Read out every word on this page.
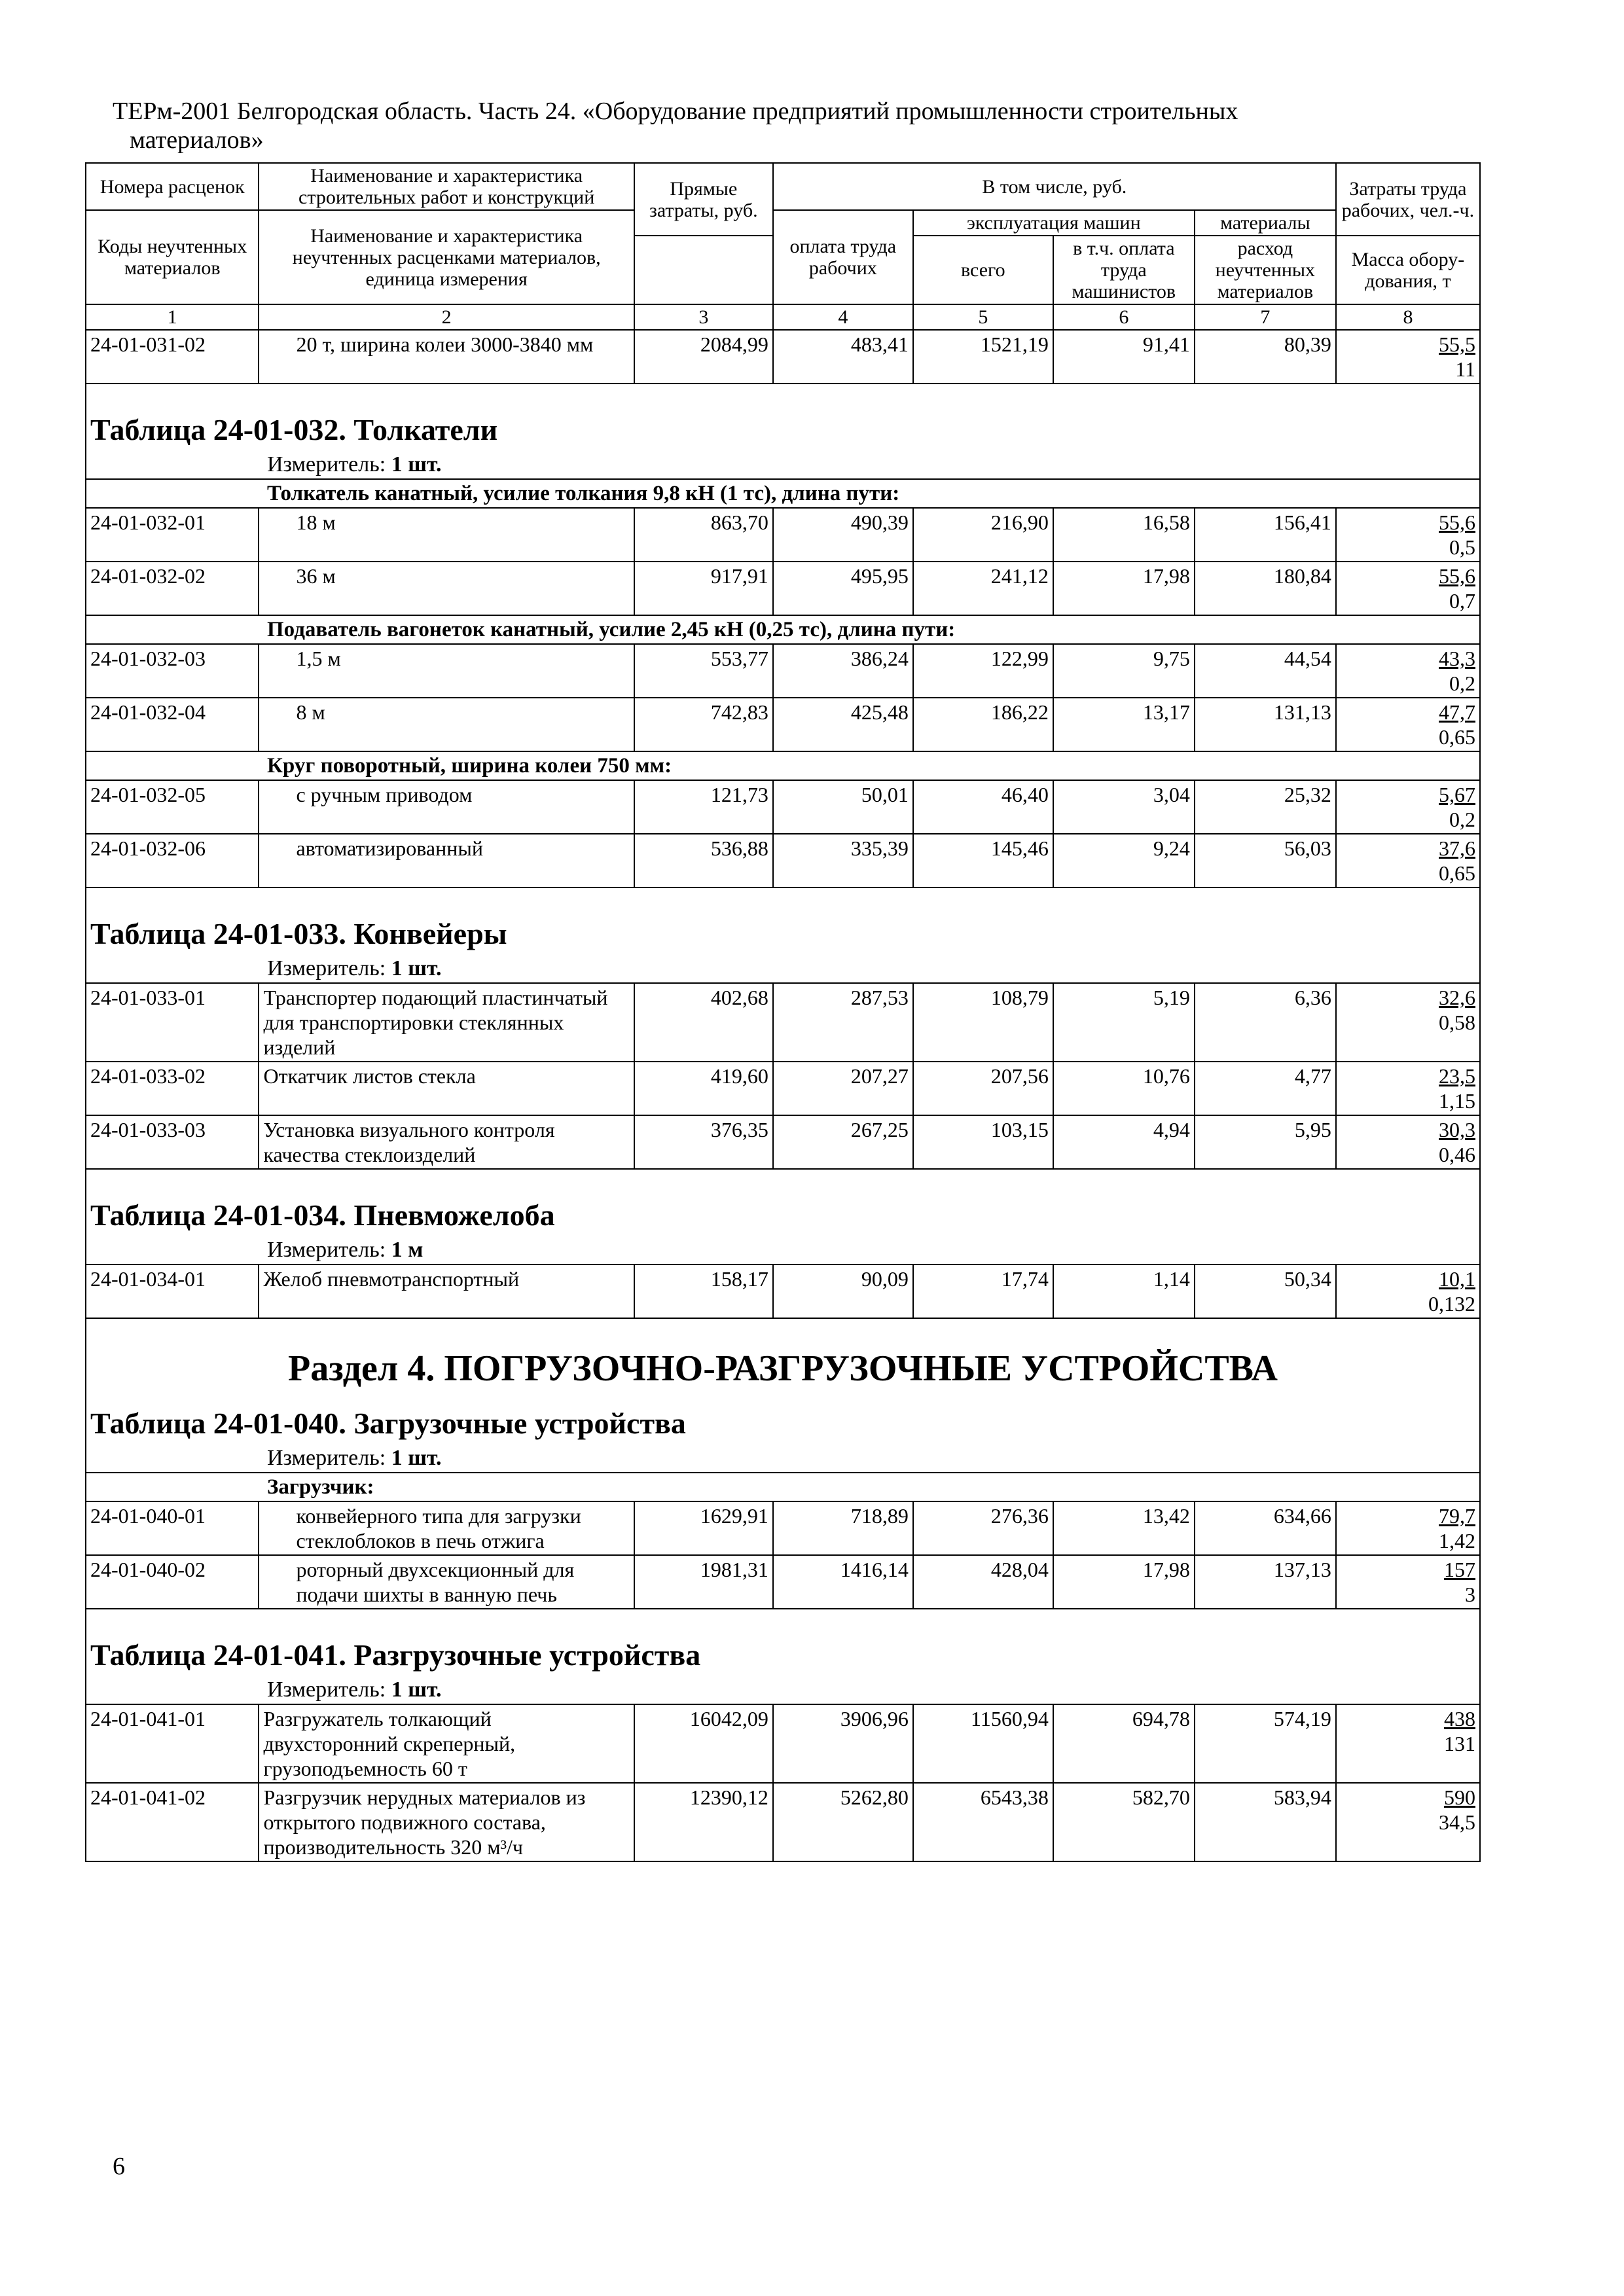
ТЕРм-2001 Белгородская область. Часть 24. «Оборудование предприятий промышленности строительных
материалов»
Номера расценок	Наименование и характеристика строительных работ и конструкций	Прямые затраты, руб.	В том числе, руб.				Затраты труда рабочих, чел.-ч.
Коды неучтенных материалов	Наименование и характеристика неучтенных расценками материалов, единица измерения		оплата труда рабочих	эксплуатация машин		материалы	
				всего	в т.ч. оплата труда машинистов	расход неучтенных материалов	Масса обору-дования, т
1	2	3	4	5	6	7	8
24-01-031-02	20 т, ширина колеи 3000-3840 мм	2084,99	483,41	1521,19	91,41	80,39	55,5
11
Таблица 24-01-032. Толкатели							
Измеритель: 1 шт.							
Толкатель канатный, усилие толкания 9,8 кН (1 тс), длина пути:							
24-01-032-01	18 м	863,70	490,39	216,90	16,58	156,41	55,6
0,5
24-01-032-02	36 м	917,91	495,95	241,12	17,98	180,84	55,6
0,7
Подаватель вагонеток канатный, усилие 2,45 кН (0,25 тс), длина пути:							
24-01-032-03	1,5 м	553,77	386,24	122,99	9,75	44,54	43,3
0,2
24-01-032-04	8 м	742,83	425,48	186,22	13,17	131,13	47,7
0,65
Круг поворотный, ширина колеи 750 мм:							
24-01-032-05	с ручным приводом	121,73	50,01	46,40	3,04	25,32	5,67
0,2
24-01-032-06	автоматизированный	536,88	335,39	145,46	9,24	56,03	37,6
0,65
Таблица 24-01-033. Конвейеры							
Измеритель: 1 шт.							
24-01-033-01	Транспортер подающий пластинчатый для транспортировки стеклянных изделий	402,68	287,53	108,79	5,19	6,36	32,6
0,58
24-01-033-02	Откатчик листов стекла	419,60	207,27	207,56	10,76	4,77	23,5
1,15
24-01-033-03	Установка визуального контроля качества стеклоизделий	376,35	267,25	103,15	4,94	5,95	30,3
0,46
Таблица 24-01-034. Пневможелоба							
Измеритель: 1 м							
24-01-034-01	Желоб пневмотранспортный	158,17	90,09	17,74	1,14	50,34	10,1
0,132
Раздел 4. ПОГРУЗОЧНО-РАЗГРУЗОЧНЫЕ УСТРОЙСТВА							
Таблица 24-01-040. Загрузочные устройства							
Измеритель: 1 шт.							
Загрузчик:							
24-01-040-01	конвейерного типа для загрузки стеклоблоков в печь отжига	1629,91	718,89	276,36	13,42	634,66	79,7
1,42
24-01-040-02	роторный двухсекционный для подачи шихты в ванную печь	1981,31	1416,14	428,04	17,98	137,13	157
3
Таблица 24-01-041. Разгрузочные устройства							
Измеритель: 1 шт.							
24-01-041-01	Разгружатель толкающий двухсторонний скреперный, грузоподъемность 60 т	16042,09	3906,96	11560,94	694,78	574,19	438
131
24-01-041-02	Разгрузчик нерудных материалов из открытого подвижного состава, производительность 320 м³/ч	12390,12	5262,80	6543,38	582,70	583,94	590
34,5
6
